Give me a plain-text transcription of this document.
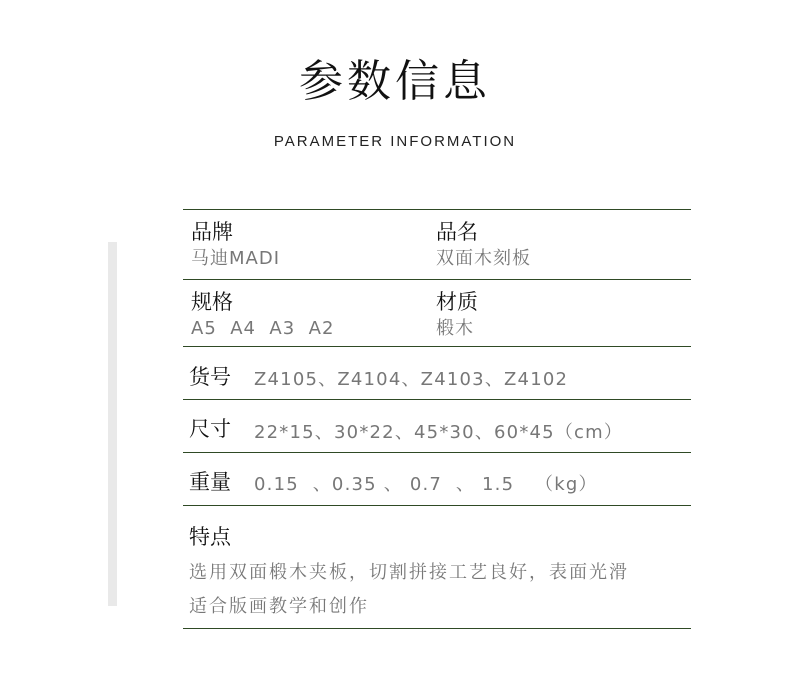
参数信息
PARAMETER INFORMATION
品牌
马迪MADI
品名
双面木刻板
规格
A5  A4  A3  A2
材质
椴木
货号 Z4105、Z4104、Z4103、Z4102
尺寸 22*15、30*22、45*30、60*45（cm）
重量 0.15  、0.35 、 0.7  、 1.5   （kg）
特点
选用双面椴木夹板，切割拼接工艺良好，表面光滑
适合版画教学和创作
